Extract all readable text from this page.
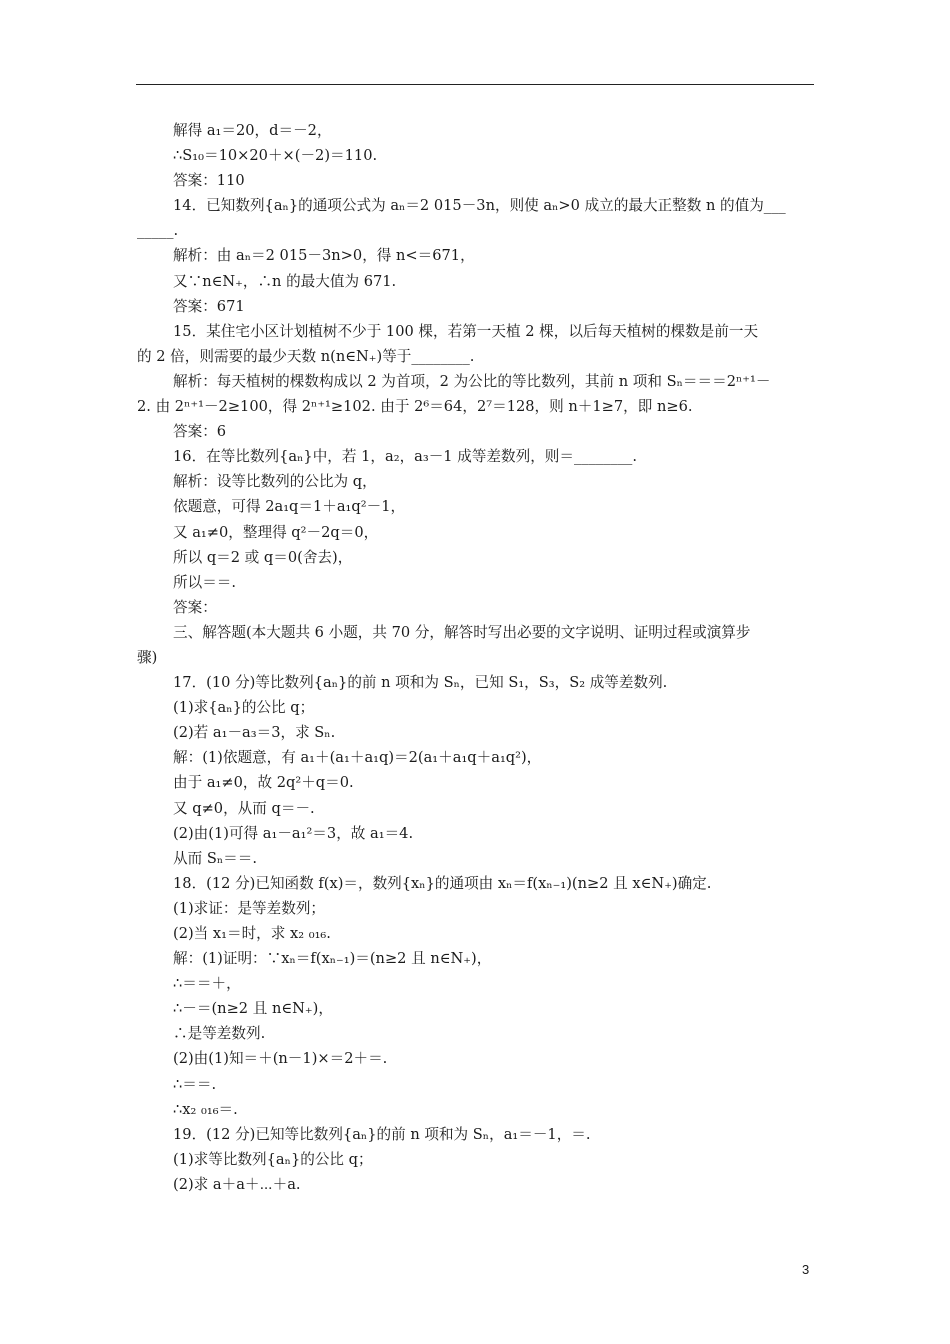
解得 a₁＝20，d＝－2，
∴S₁₀＝10×20＋×(－2)＝110.
答案：110
14．已知数列{aₙ}的通项公式为 aₙ＝2 015－3n，则使 aₙ>0 成立的最大正整数 n 的值为___
_____.
解析：由 aₙ＝2 015－3n>0，得 n<＝671，
又∵n∈N₊，∴n 的最大值为 671.
答案：671
15．某住宅小区计划植树不少于 100 棵，若第一天植 2 棵，以后每天植树的棵数是前一天
的 2 倍，则需要的最少天数 n(n∈N₊)等于________.
解析：每天植树的棵数构成以 2 为首项，2 为公比的等比数列，其前 n 项和 Sₙ＝＝＝2ⁿ⁺¹－
2. 由 2ⁿ⁺¹－2≥100，得 2ⁿ⁺¹≥102. 由于 2⁶＝64，2⁷＝128，则 n＋1≥7，即 n≥6.
答案：6
16．在等比数列{aₙ}中，若 1，a₂，a₃－1 成等差数列，则＝________.
解析：设等比数列的公比为 q，
依题意，可得 2a₁q＝1＋a₁q²－1，
又 a₁≠0，整理得 q²－2q＝0，
所以 q＝2 或 q＝0(舍去)，
所以＝＝.
答案：
三、解答题(本大题共 6 小题，共 70 分，解答时写出必要的文字说明、证明过程或演算步
骤)
17．(10 分)等比数列{aₙ}的前 n 项和为 Sₙ，已知 S₁，S₃，S₂ 成等差数列.
(1)求{aₙ}的公比 q；
(2)若 a₁－a₃＝3，求 Sₙ.
解：(1)依题意，有 a₁＋(a₁＋a₁q)＝2(a₁＋a₁q＋a₁q²)，
由于 a₁≠0，故 2q²＋q＝0.
又 q≠0，从而 q＝－.
(2)由(1)可得 a₁－a₁²＝3，故 a₁＝4.
从而 Sₙ＝＝.
18．(12 分)已知函数 f(x)＝，数列{xₙ}的通项由 xₙ＝f(xₙ₋₁)(n≥2 且 x∈N₊)确定.
(1)求证：是等差数列；
(2)当 x₁＝时，求 x₂ ₀₁₆.
解：(1)证明：∵xₙ＝f(xₙ₋₁)＝(n≥2 且 n∈N₊)，
∴＝＝＋，
∴－＝(n≥2 且 n∈N₊)，
∴是等差数列.
(2)由(1)知＝＋(n－1)×＝2＋＝.
∴＝＝.
∴x₂ ₀₁₆＝.
19．(12 分)已知等比数列{aₙ}的前 n 项和为 Sₙ，a₁＝－1，＝.
(1)求等比数列{aₙ}的公比 q；
(2)求 a＋a＋⋯＋a.
3
